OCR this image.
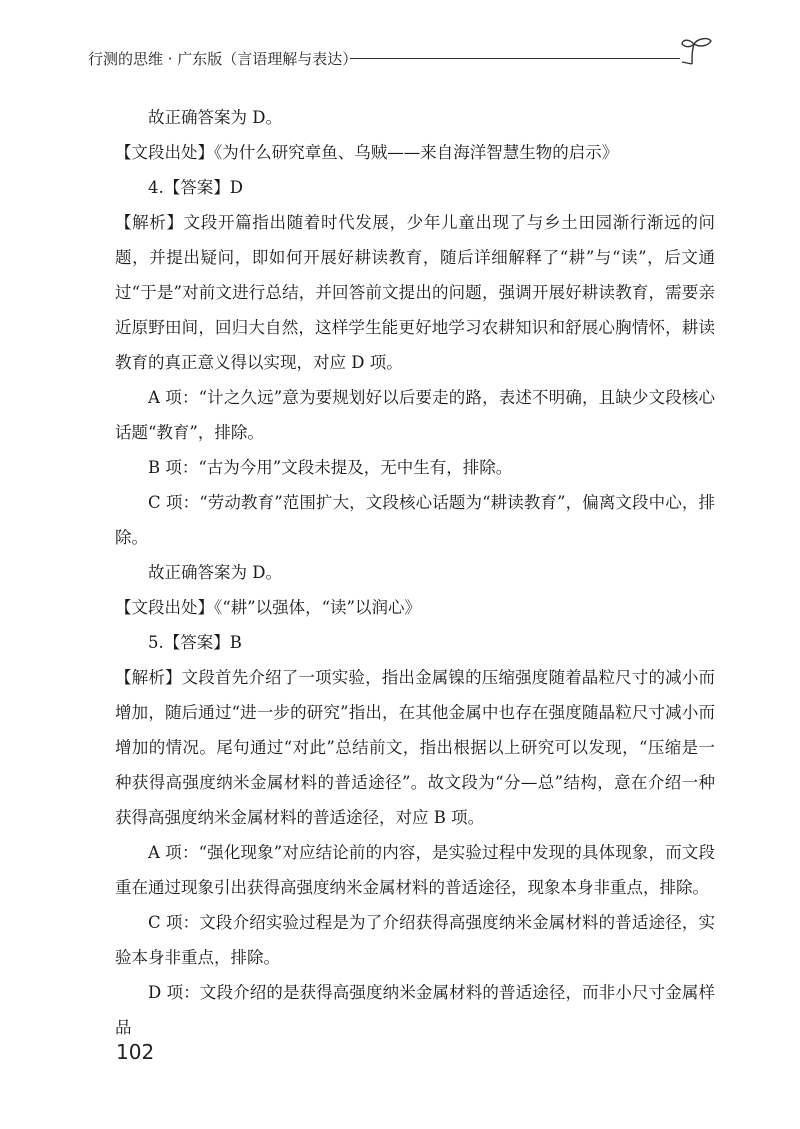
行测的思维 · 广东版（言语理解与表达）

故正确答案为 D。

【文段出处】《为什么研究章鱼、乌贼——来自海洋智慧生物的启示》

4.【答案】D

【解析】文段开篇指出随着时代发展，少年儿童出现了与乡土田园渐行渐远的问题，并提出疑问，即如何开展好耕读教育，随后详细解释了“耕”与“读”，后文通过“于是”对前文进行总结，并回答前文提出的问题，强调开展好耕读教育，需要亲近原野田间，回归大自然，这样学生能更好地学习农耕知识和舒展心胸情怀，耕读教育的真正意义得以实现，对应 D 项。

A 项：“计之久远”意为要规划好以后要走的路，表述不明确，且缺少文段核心话题“教育”，排除。

B 项：“古为今用”文段未提及，无中生有，排除。

C 项：“劳动教育”范围扩大，文段核心话题为“耕读教育”，偏离文段中心，排除。

故正确答案为 D。

【文段出处】《“耕”以强体，“读”以润心》

5.【答案】B

【解析】文段首先介绍了一项实验，指出金属镍的压缩强度随着晶粒尺寸的减小而增加，随后通过“进一步的研究”指出，在其他金属中也存在强度随晶粒尺寸减小而增加的情况。尾句通过“对此”总结前文，指出根据以上研究可以发现，“压缩是一种获得高强度纳米金属材料的普适途径”。故文段为“分—总”结构，意在介绍一种获得高强度纳米金属材料的普适途径，对应 B 项。

A 项：“强化现象”对应结论前的内容，是实验过程中发现的具体现象，而文段重在通过现象引出获得高强度纳米金属材料的普适途径，现象本身非重点，排除。

C 项：文段介绍实验过程是为了介绍获得高强度纳米金属材料的普适途径，实验本身非重点，排除。

D 项：文段介绍的是获得高强度纳米金属材料的普适途径，而非小尺寸金属样品

102
